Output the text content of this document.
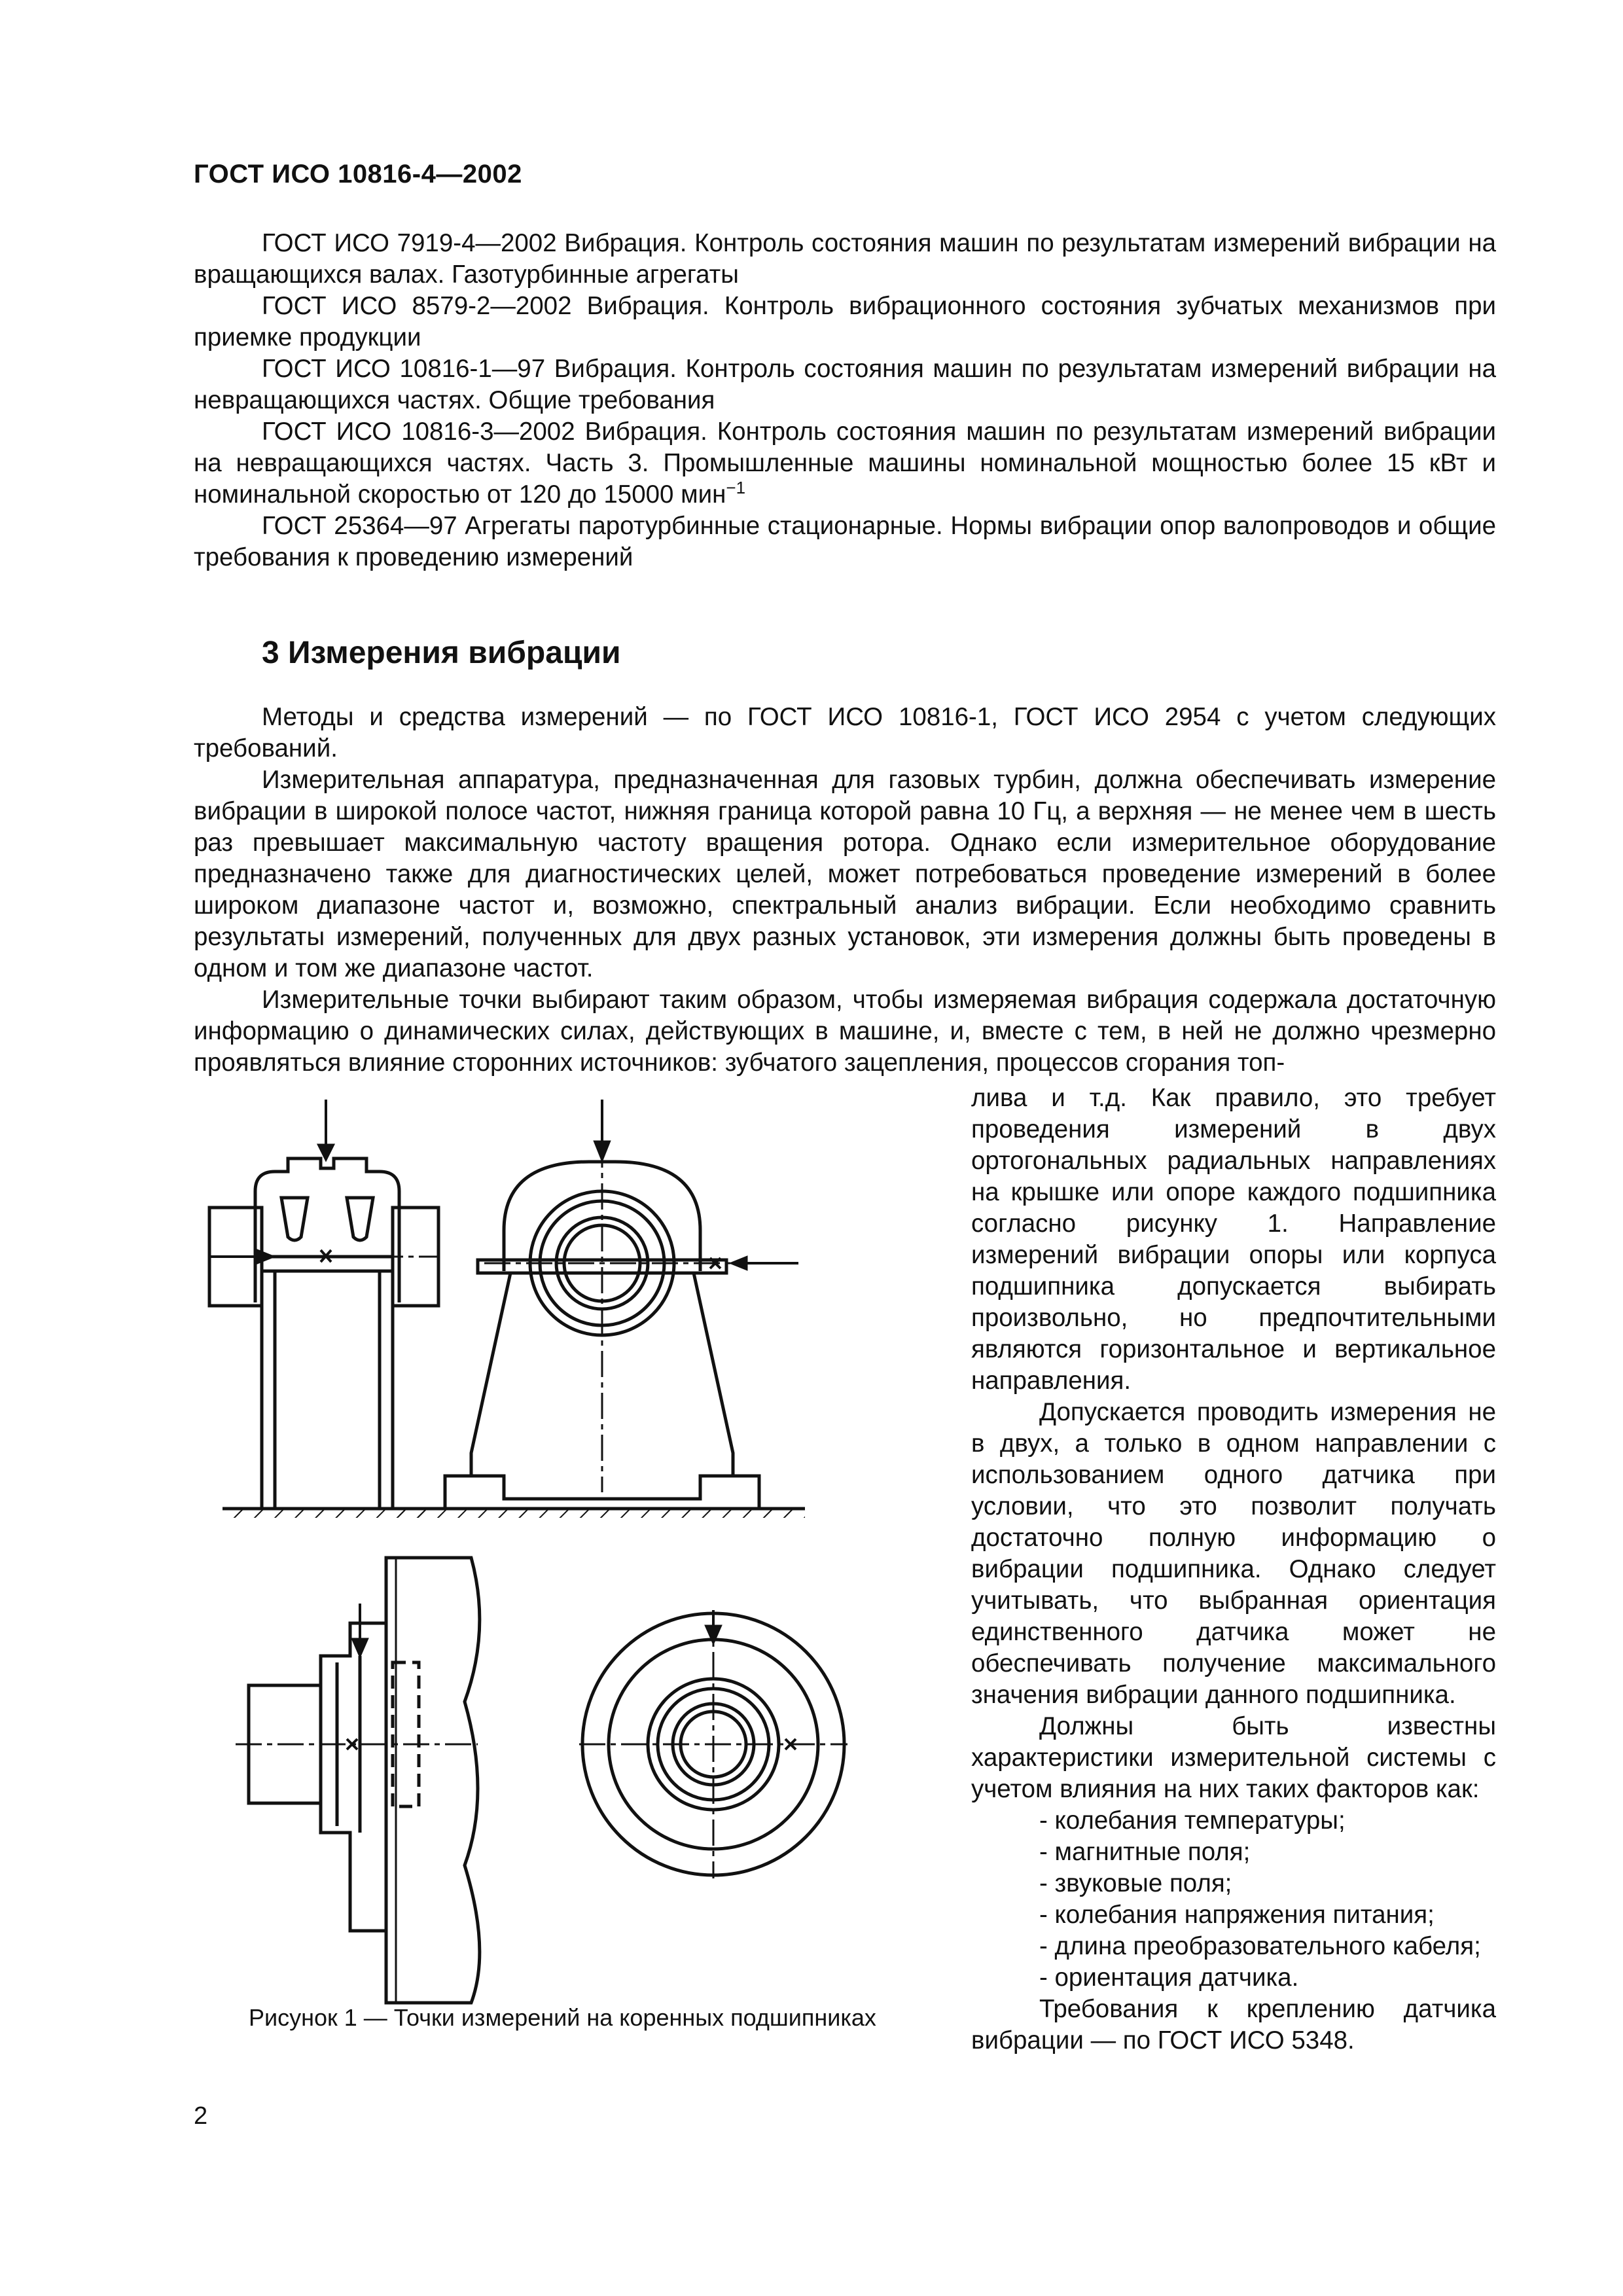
ГОСТ ИСО 10816-4—2002

ГОСТ ИСО 7919-4—2002 Вибрация. Контроль состояния машин по результатам измерений вибрации на вращающихся валах. Газотурбинные агрегаты

ГОСТ ИСО 8579-2—2002 Вибрация. Контроль вибрационного состояния зубчатых механизмов при приемке продукции

ГОСТ ИСО 10816-1—97 Вибрация. Контроль состояния машин по результатам измерений вибрации на невращающихся частях. Общие требования

ГОСТ ИСО 10816-3—2002 Вибрация. Контроль состояния машин по результатам измерений вибрации на невращающихся частях. Часть 3. Промышленные машины номинальной мощностью более 15 кВт и номинальной скоростью от 120 до 15000 мин$^{-1}$

ГОСТ 25364—97 Агрегаты паротурбинные стационарные. Нормы вибрации опор валопроводов и общие требования к проведению измерений

3 Измерения вибрации

Методы и средства измерений — по ГОСТ ИСО 10816-1, ГОСТ ИСО 2954 с учетом следующих требований.

Измерительная аппаратура, предназначенная для газовых турбин, должна обеспечивать измерение вибрации в широкой полосе частот, нижняя граница которой равна 10 Гц, а верхняя — не менее чем в шесть раз превышает максимальную частоту вращения ротора. Однако если измерительное оборудование предназначено также для диагностических целей, может потребоваться проведение измерений в более широком диапазоне частот и, возможно, спектральный анализ вибрации. Если необходимо сравнить результаты измерений, полученных для двух разных установок, эти измерения должны быть проведены в одном и том же диапазоне частот.

Измерительные точки выбирают таким образом, чтобы измеряемая вибрация содержала достаточную информацию о динамических силах, действующих в машине, и, вместе с тем, в ней не должно чрезмерно проявляться влияние сторонних источников: зубчатого зацепления, процессов сгорания топ-

лива и т.д. Как правило, это требует проведения измерений в двух ортогональных радиальных направлениях на крышке или опоре каждого подшипника согласно рисунку 1. Направление измерений вибрации опоры или корпуса подшипника допускается выбирать произвольно, но предпочтительными являются горизонтальное и вертикальное направления.

Допускается проводить измерения не в двух, а только в одном направлении с использованием одного датчика при условии, что это позволит получать достаточно полную информацию о вибрации подшипника. Однако следует учитывать, что выбранная ориентация единственного датчика может не обеспечивать получение максимального значения вибрации данного подшипника.

Должны быть известны характеристики измерительной системы с учетом влияния на них таких факторов как:

- колебания температуры;
- магнитные поля;
- звуковые поля;
- колебания напряжения питания;
- длина преобразовательного кабеля;
- ориентация датчика.

Требования к креплению датчика вибрации — по ГОСТ ИСО 5348.

Рисунок 1 — Точки измерений на коренных подшипниках

2
